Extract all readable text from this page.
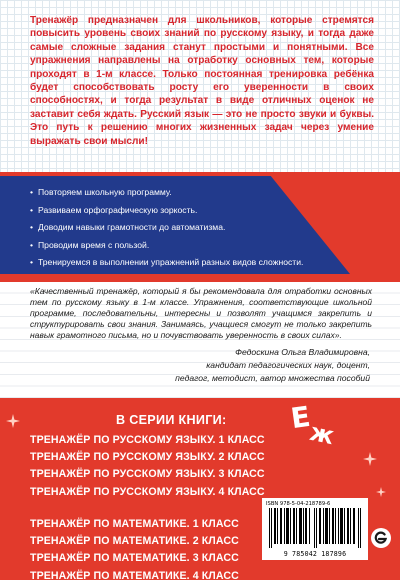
Тренажёр предназначен для школьников, которые стремятся повысить уровень своих знаний по русскому языку, и тогда даже самые сложные задания станут простыми и понятными. Все упражнения направлены на отработку основных тем, которые проходят в 1-м классе. Только постоянная тренировка ребёнка будет способствовать росту его уверенности в своих способностях, и тогда результат в виде отличных оценок не заставит себя ждать. Русский язык — это не просто звуки и буквы. Это путь к решению многих жизненных задач через умение выражать свои мысли!

• Повторяем школьную программу.
• Развиваем орфографическую зоркость.
• Доводим навыки грамотности до автоматизма.
• Проводим время с пользой.
• Тренируемся в выполнении упражнений разных видов сложности.

«Качественный тренажёр, который я бы рекомендовала для отработки основных тем по русскому языку в 1-м классе. Упражнения, соответствующие школьной программе, последовательны, интересны и позволят учащимся закрепить и структурировать свои знания. Занимаясь, учащиеся смогут не только закрепить навык грамотного письма, но и почувствовать уверенность в своих силах».

Федоскина Ольга Владимировна,
кандидат педагогических наук, доцент,
педагог, методист, автор множества пособий
В СЕРИИ КНИГИ:
ТРЕНАЖЁР ПО РУССКОМУ ЯЗЫКУ. 1 КЛАСС
ТРЕНАЖЁР ПО РУССКОМУ ЯЗЫКУ. 2 КЛАСС
ТРЕНАЖЁР ПО РУССКОМУ ЯЗЫКУ. 3 КЛАСС
ТРЕНАЖЁР ПО РУССКОМУ ЯЗЫКУ. 4 КЛАСС
ТРЕНАЖЁР ПО МАТЕМАТИКЕ. 1 КЛАСС
ТРЕНАЖЁР ПО МАТЕМАТИКЕ. 2 КЛАСС
ТРЕНАЖЁР ПО МАТЕМАТИКЕ. 3 КЛАСС
ТРЕНАЖЁР ПО МАТЕМАТИКЕ. 4 КЛАСС
Е
ж
ISBN 978-5-04-218789-6
9 785042 187896
